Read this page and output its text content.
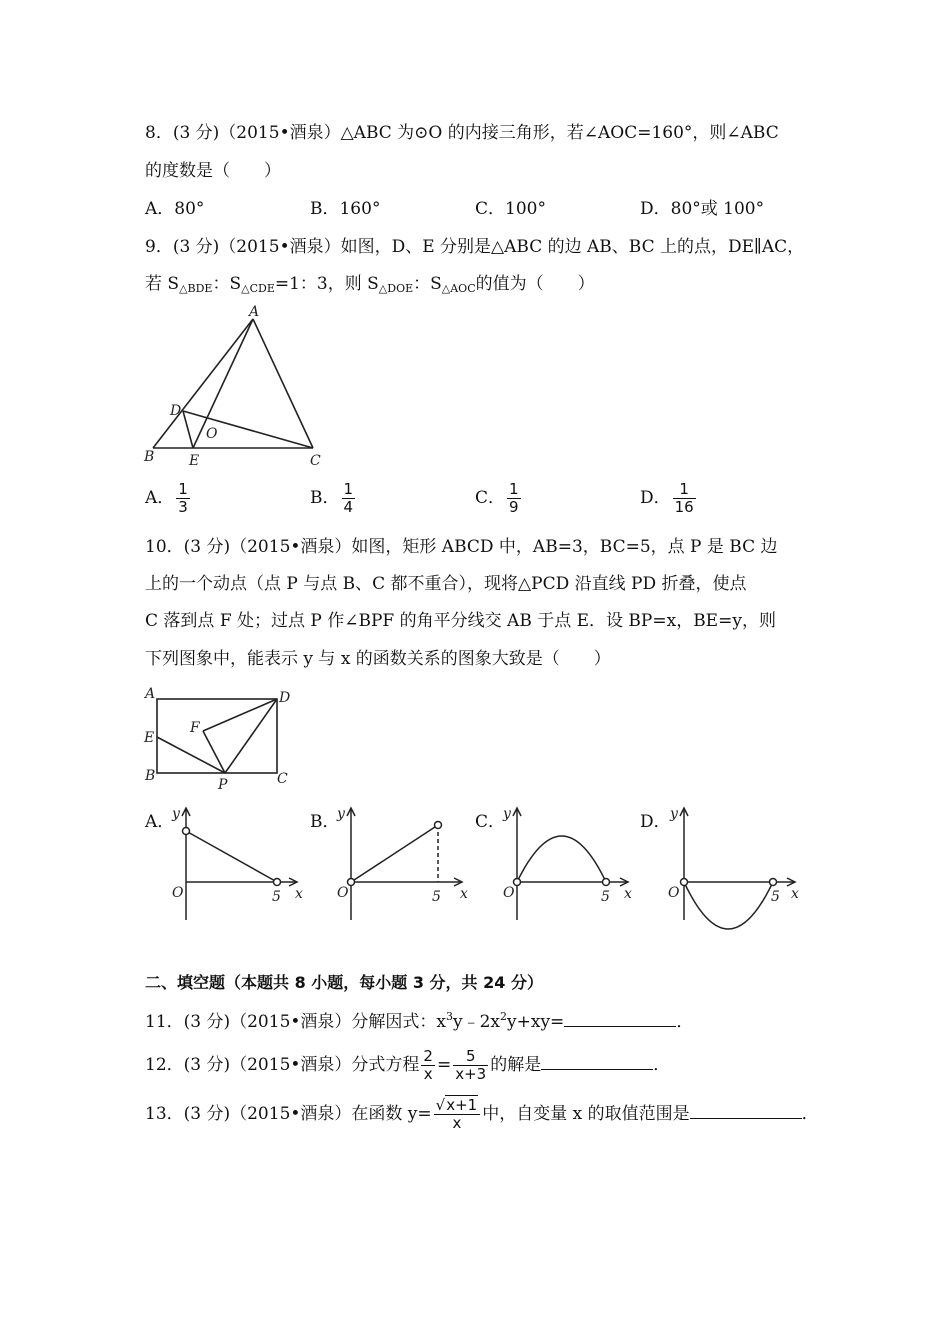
8．(3 分)（2015•酒泉）△ABC 为⊙O 的内接三角形，若∠AOC=160°，则∠ABC
的度数是（　　）
A．80°	B．160°	C．100°	D．80°或 100°
9．(3 分)（2015•酒泉）如图，D、E 分别是△ABC 的边 AB、BC 上的点，DE∥AC，
若 $S_{\triangle BDE}$：$S_{\triangle CDE}=1$：3，则 $S_{\triangle DOE}$：$S_{\triangle AOC}$的值为（　　）
A
D
O
B E	C
A． $\frac{1}{3}$	B． $\frac{1}{4}$	C． $\frac{1}{9}$	D． $\frac{1}{16}$
10．(3 分)（2015•酒泉）如图，矩形 ABCD 中，AB=3，BC=5，点 P 是 BC 边
上的一个动点（点 P 与点 B、C 都不重合），现将△PCD 沿直线 PD 折叠，使点
C 落到点 F 处；过点 P 作∠BPF 的角平分线交 AB 于点 E．设 BP=x，BE=y，则
下列图象中，能表示 y 与 x 的函数关系的图象大致是（　　）
A	D
F
E
B
P	C
A．	B．	C．	D．
y
O	5 x
y
O	5 x
y
O	5 x
y
O	5 x
二、填空题（本题共 8 小题，每小题 3 分，共 24 分）
11．(3 分)（2015•酒泉）分解因式：$x^3y﹣2x^2y+xy=$	．
12．(3 分)（2015•酒泉）分式方程 $\frac{2}{x} = \frac{5}{x+3}$ 的解是	．
13．(3 分)（2015•酒泉）在函数 $y= \frac{√x+1}{x}$ 中，自变量 x 的取值范围是	．
